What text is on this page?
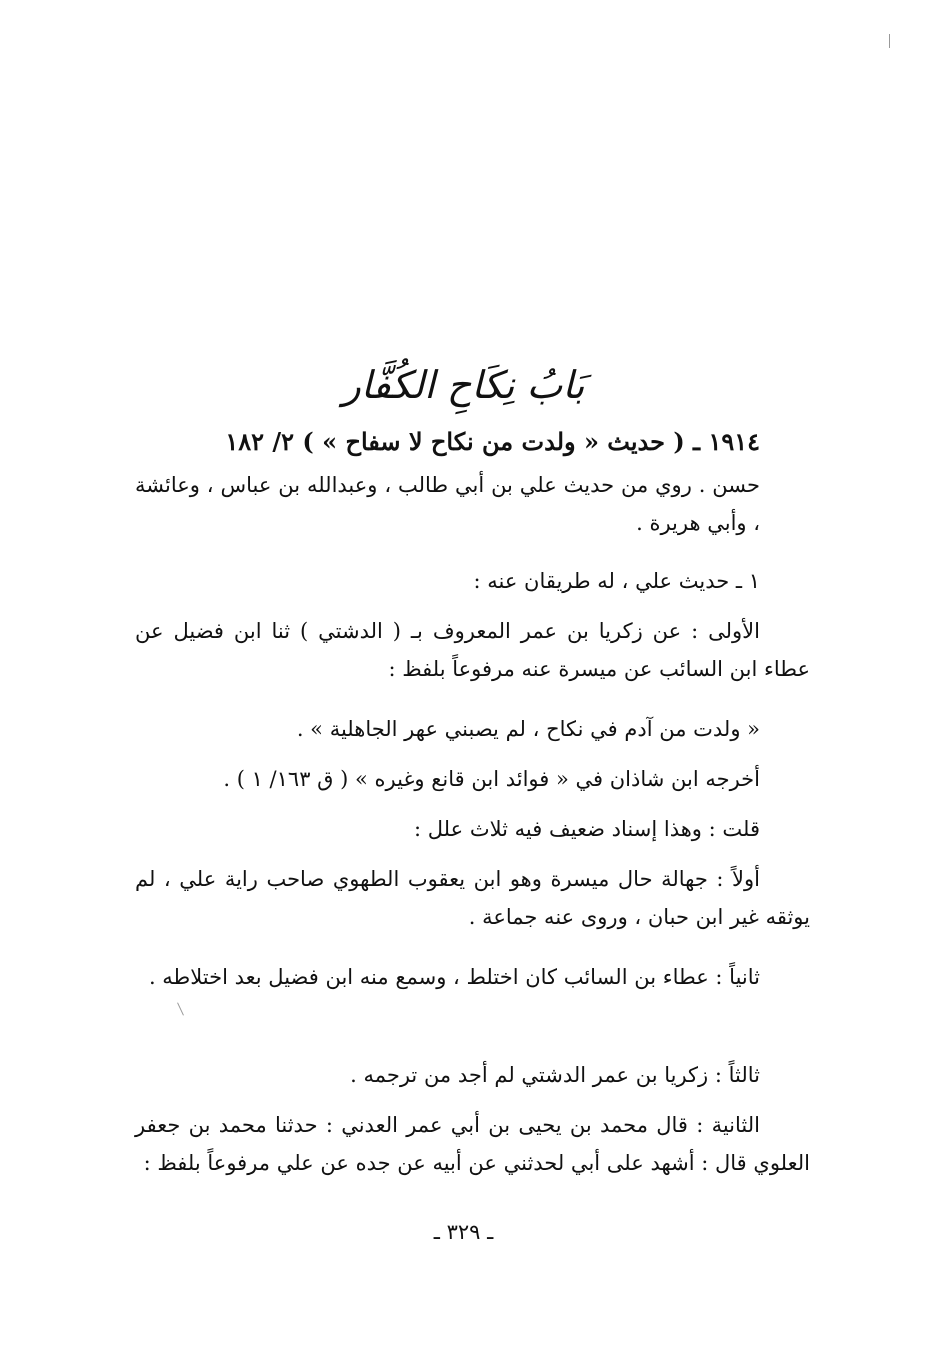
بَابُ نِكَاحِ الكُفَّار
١٩١٤ ـ ( حديث « ولدت من نكاح لا سفاح » ) ٢/ ١٨٢
حسن . روي من حديث علي بن أبي طالب ، وعبدالله بن عباس ، وعائشة ، وأبي هريرة .
١ ـ حديث علي ، له طريقان عنه :
الأولى : عن زكريا بن عمر المعروف بـ ( الدشتي ) ثنا ابن فضيل عن عطاء ابن السائب عن ميسرة عنه مرفوعاً بلفظ :
« ولدت من آدم في نكاح ، لم يصبني عهر الجاهلية » .
أخرجه ابن شاذان في « فوائد ابن قانع وغيره » ( ق ١٦٣/ ١ ) .
قلت : وهذا إسناد ضعيف فيه ثلاث علل :
أولاً : جهالة حال ميسرة وهو ابن يعقوب الطهوي صاحب راية علي ، لم يوثقه غير ابن حبان ، وروى عنه جماعة .
ثانياً : عطاء بن السائب كان اختلط ، وسمع منه ابن فضيل بعد اختلاطه .
ثالثاً : زكريا بن عمر الدشتي لم أجد من ترجمه .
الثانية : قال محمد بن يحيى بن أبي عمر العدني : حدثنا محمد بن جعفر العلوي قال : أشهد على أبي لحدثني عن أبيه عن جده عن علي مرفوعاً بلفظ :
ـ ٣٢٩ ـ
